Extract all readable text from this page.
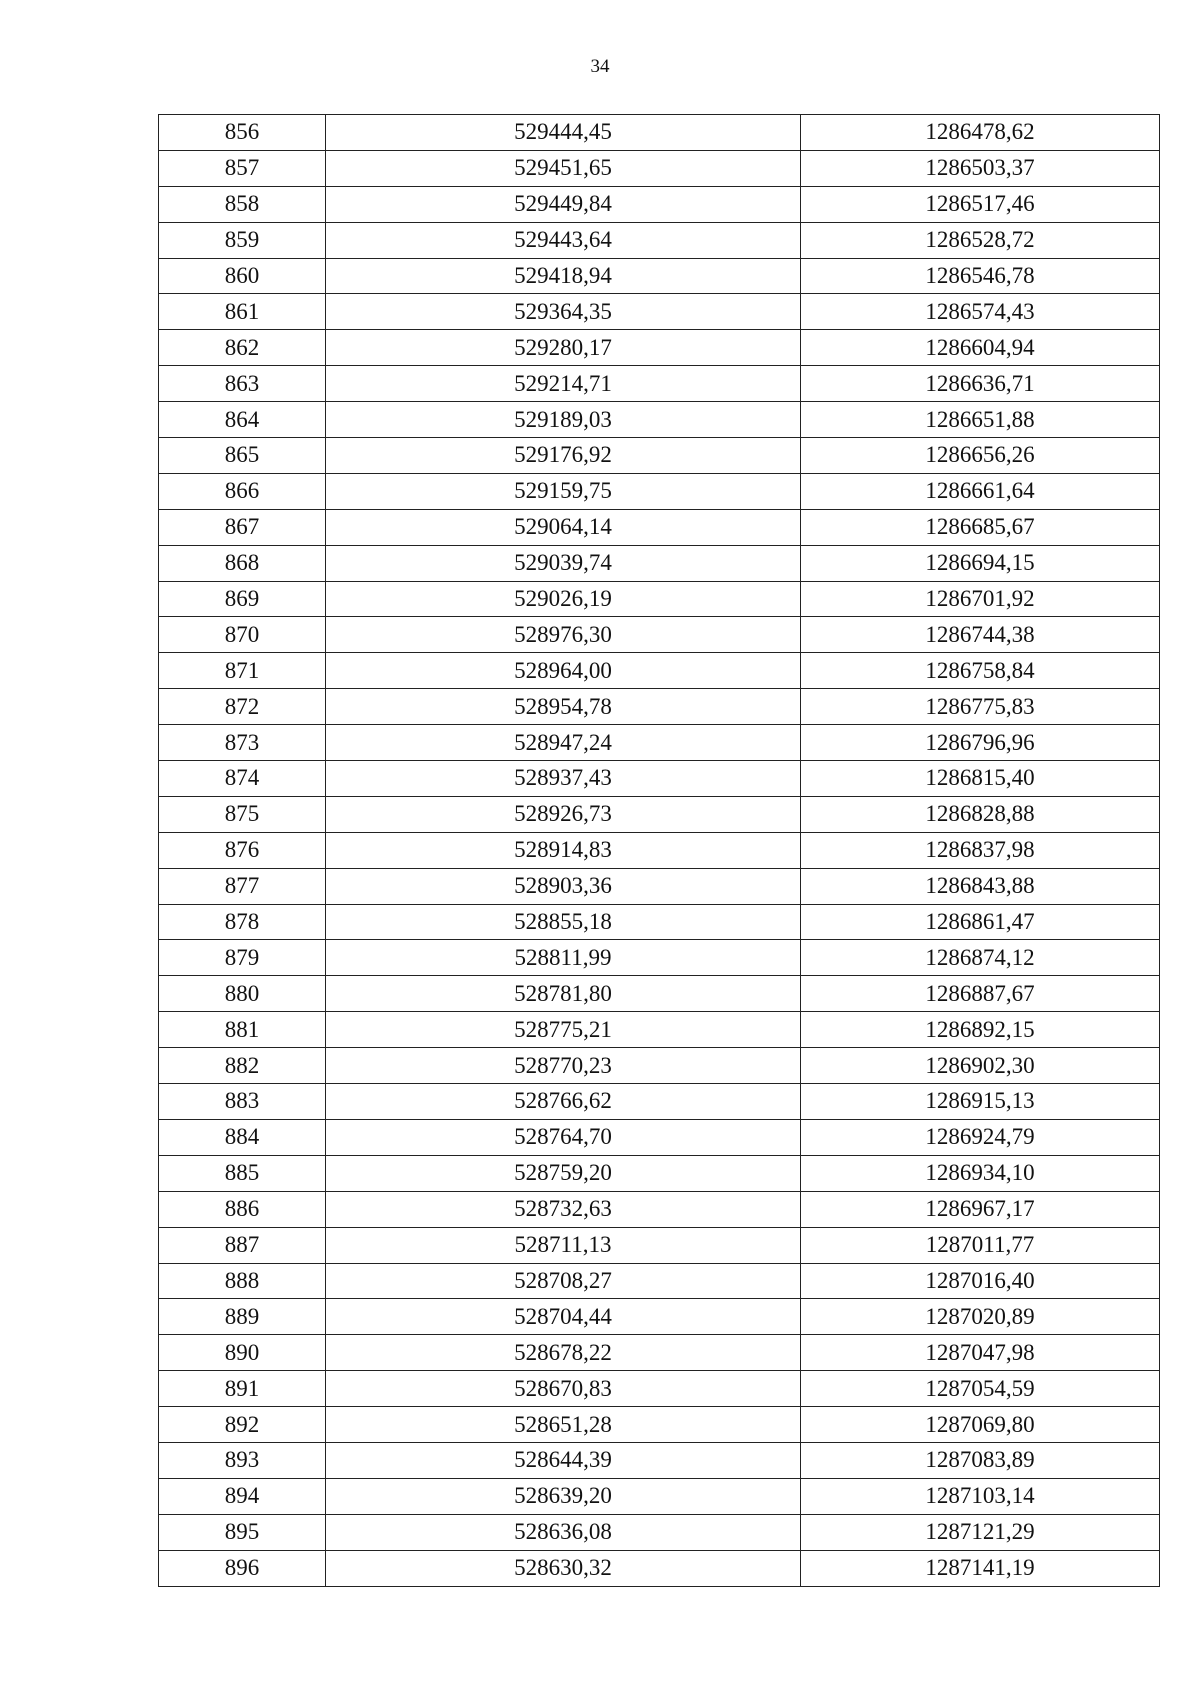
34
856	529444,45	1286478,62
857	529451,65	1286503,37
858	529449,84	1286517,46
859	529443,64	1286528,72
860	529418,94	1286546,78
861	529364,35	1286574,43
862	529280,17	1286604,94
863	529214,71	1286636,71
864	529189,03	1286651,88
865	529176,92	1286656,26
866	529159,75	1286661,64
867	529064,14	1286685,67
868	529039,74	1286694,15
869	529026,19	1286701,92
870	528976,30	1286744,38
871	528964,00	1286758,84
872	528954,78	1286775,83
873	528947,24	1286796,96
874	528937,43	1286815,40
875	528926,73	1286828,88
876	528914,83	1286837,98
877	528903,36	1286843,88
878	528855,18	1286861,47
879	528811,99	1286874,12
880	528781,80	1286887,67
881	528775,21	1286892,15
882	528770,23	1286902,30
883	528766,62	1286915,13
884	528764,70	1286924,79
885	528759,20	1286934,10
886	528732,63	1286967,17
887	528711,13	1287011,77
888	528708,27	1287016,40
889	528704,44	1287020,89
890	528678,22	1287047,98
891	528670,83	1287054,59
892	528651,28	1287069,80
893	528644,39	1287083,89
894	528639,20	1287103,14
895	528636,08	1287121,29
896	528630,32	1287141,19
